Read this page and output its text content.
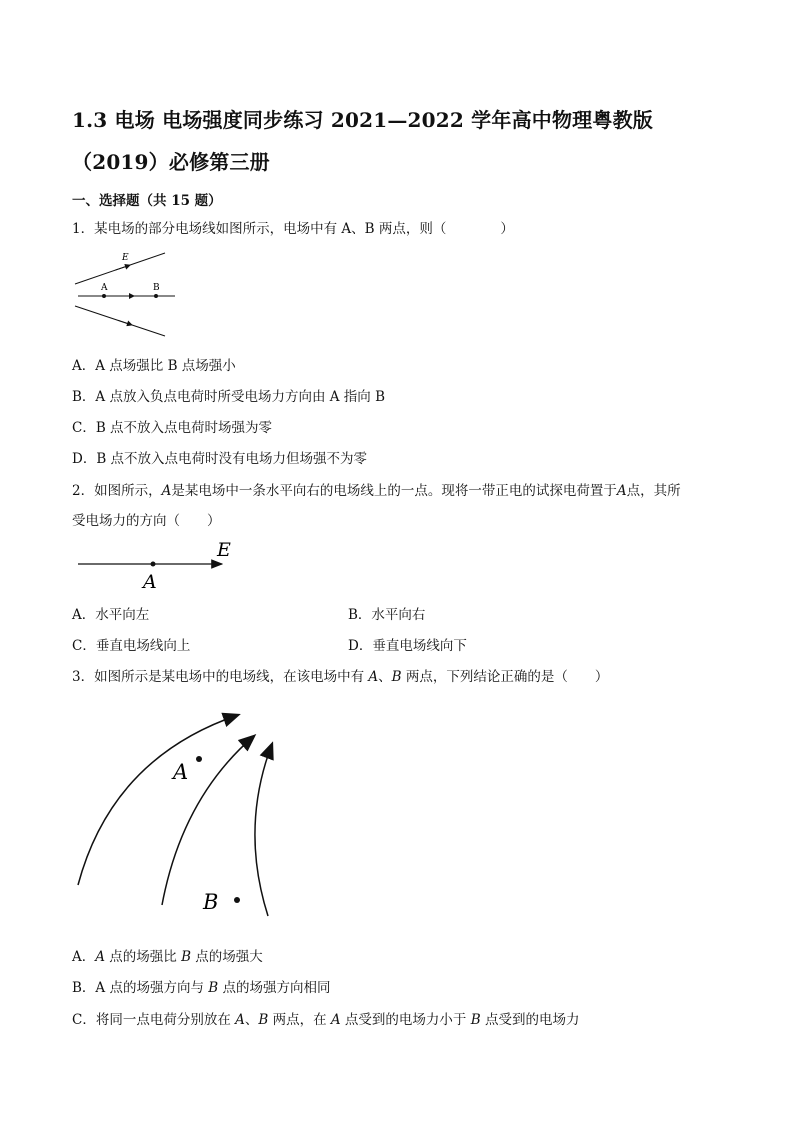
1.3 电场 电场强度同步练习 2021—2022 学年高中物理粤教版
（2019）必修第三册
一、选择题（共 15 题）
1．某电场的部分电场线如图所示，电场中有 A、B 两点，则（　　　　）
E
A	B
A．A 点场强比 B 点场强小
B．A 点放入负点电荷时所受电场力方向由 A 指向 B
C．B 点不放入点电荷时场强为零
D．B 点不放入点电荷时没有电场力但场强不为零
2．如图所示，A是某电场中一条水平向右的电场线上的一点。现将一带正电的试探电荷置于A点，其所
受电场力的方向（　　）
E
A
A．水平向左	B．水平向右
C．垂直电场线向上	D．垂直电场线向下
3．如图所示是某电场中的电场线，在该电场中有 A、B 两点，下列结论正确的是（　　）
A
B
A．A 点的场强比 B 点的场强大
B．A 点的场强方向与 B 点的场强方向相同
C．将同一点电荷分别放在 A、B 两点，在 A 点受到的电场力小于 B 点受到的电场力
